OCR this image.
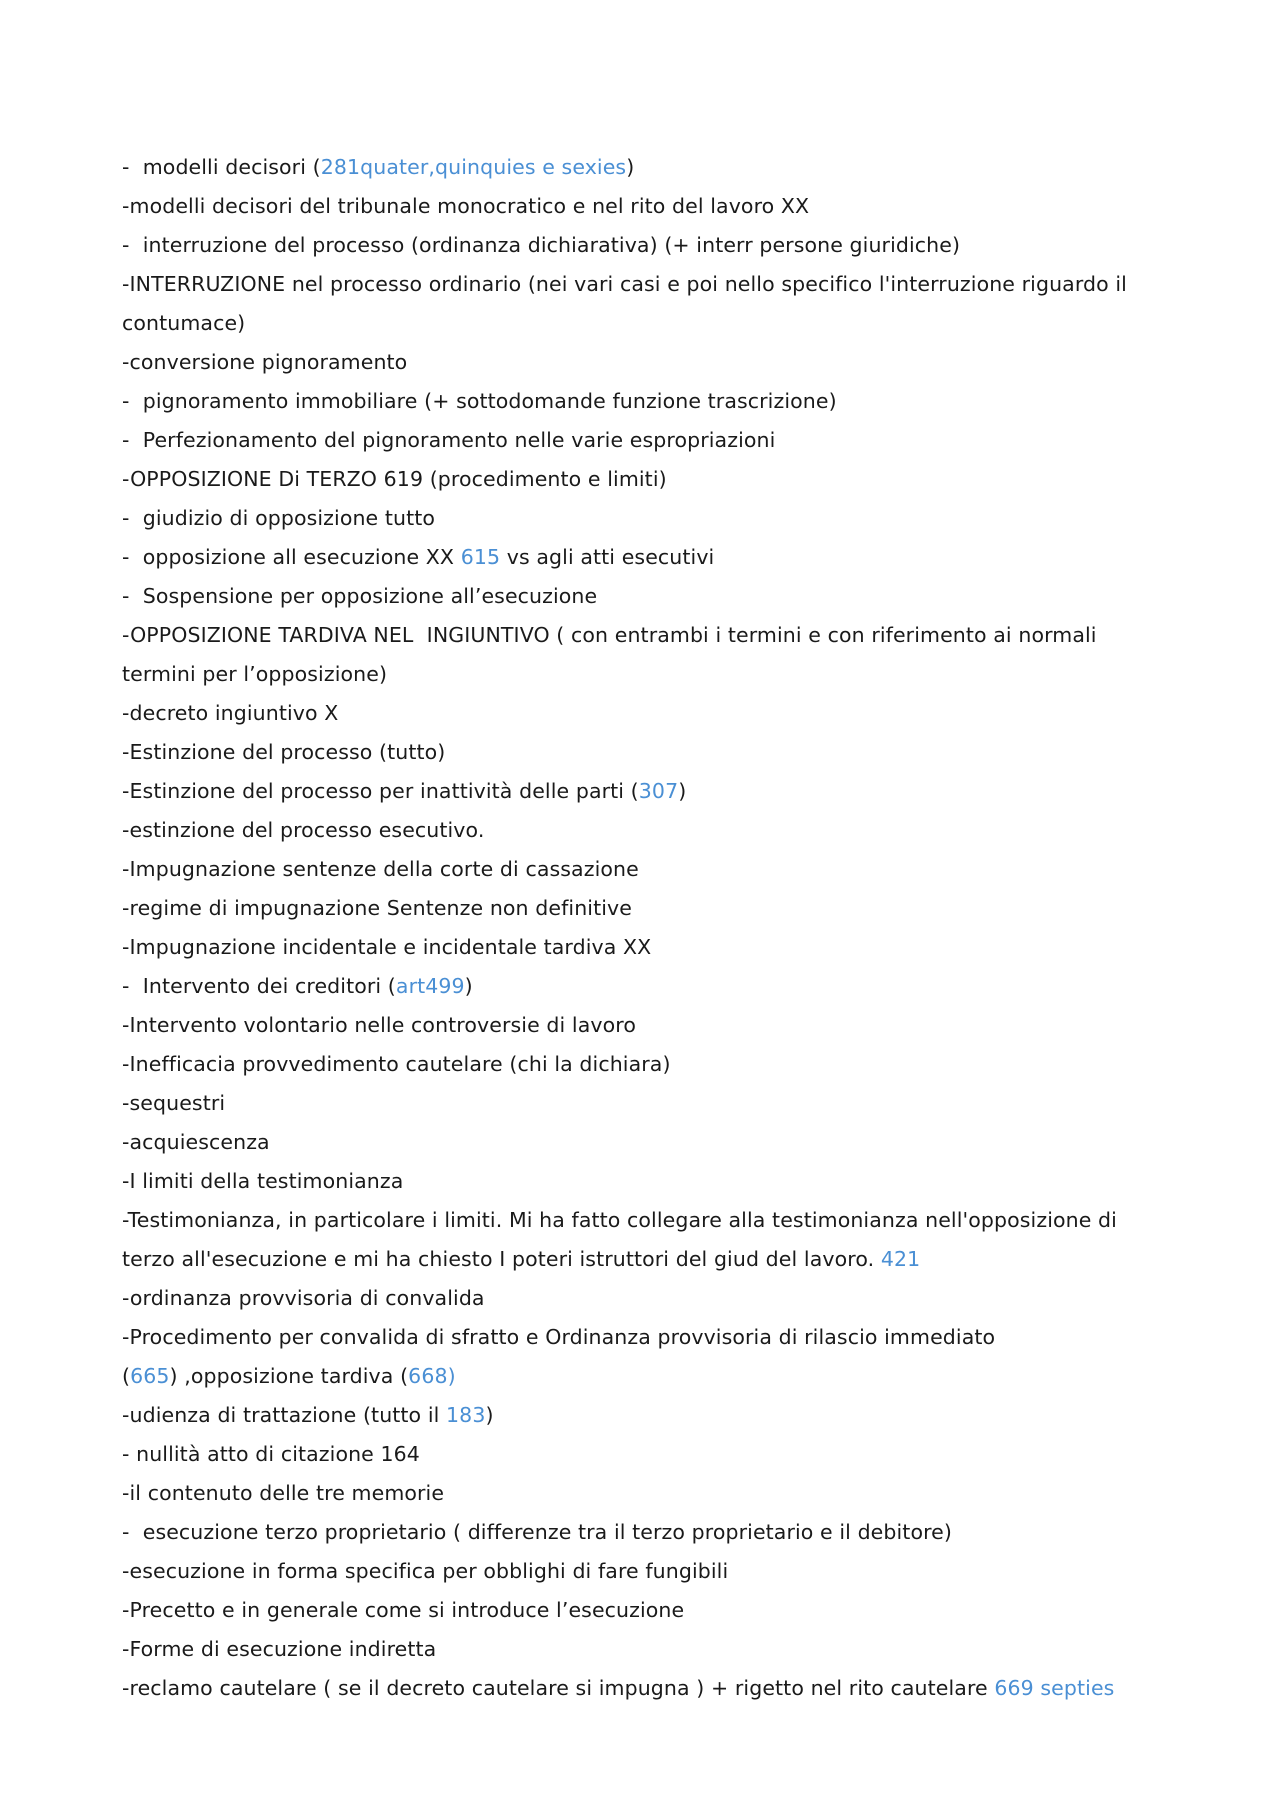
-  modelli decisori (281quater,quinquies e sexies)
-modelli decisori del tribunale monocratico e nel rito del lavoro XX
-  interruzione del processo (ordinanza dichiarativa) (+ interr persone giuridiche)
-INTERRUZIONE nel processo ordinario (nei vari casi e poi nello specifico l'interruzione riguardo il contumace)
-conversione pignoramento
-  pignoramento immobiliare (+ sottodomande funzione trascrizione)
-  Perfezionamento del pignoramento nelle varie espropriazioni
-OPPOSIZIONE Di TERZO 619 (procedimento e limiti)
-  giudizio di opposizione tutto
-  opposizione all esecuzione XX 615 vs agli atti esecutivi
-  Sospensione per opposizione all’esecuzione
-OPPOSIZIONE TARDIVA NEL  INGIUNTIVO ( con entrambi i termini e con riferimento ai normali termini per l’opposizione)
-decreto ingiuntivo X
-Estinzione del processo (tutto)
-Estinzione del processo per inattività delle parti (307)
-estinzione del processo esecutivo.
-Impugnazione sentenze della corte di cassazione
-regime di impugnazione Sentenze non definitive
-Impugnazione incidentale e incidentale tardiva XX
-  Intervento dei creditori (art499)
-Intervento volontario nelle controversie di lavoro
-Inefficacia provvedimento cautelare (chi la dichiara)
-sequestri
-acquiescenza
-I limiti della testimonianza
-Testimonianza, in particolare i limiti. Mi ha fatto collegare alla testimonianza nell'opposizione di terzo all'esecuzione e mi ha chiesto I poteri istruttori del giud del lavoro. 421
-ordinanza provvisoria di convalida
-Procedimento per convalida di sfratto e Ordinanza provvisoria di rilascio immediato
(665) ,opposizione tardiva (668)
-udienza di trattazione (tutto il 183)
- nullità atto di citazione 164
-il contenuto delle tre memorie
-  esecuzione terzo proprietario ( differenze tra il terzo proprietario e il debitore)
-esecuzione in forma specifica per obblighi di fare fungibili
-Precetto e in generale come si introduce l’esecuzione
-Forme di esecuzione indiretta
-reclamo cautelare ( se il decreto cautelare si impugna ) + rigetto nel rito cautelare 669 septies
